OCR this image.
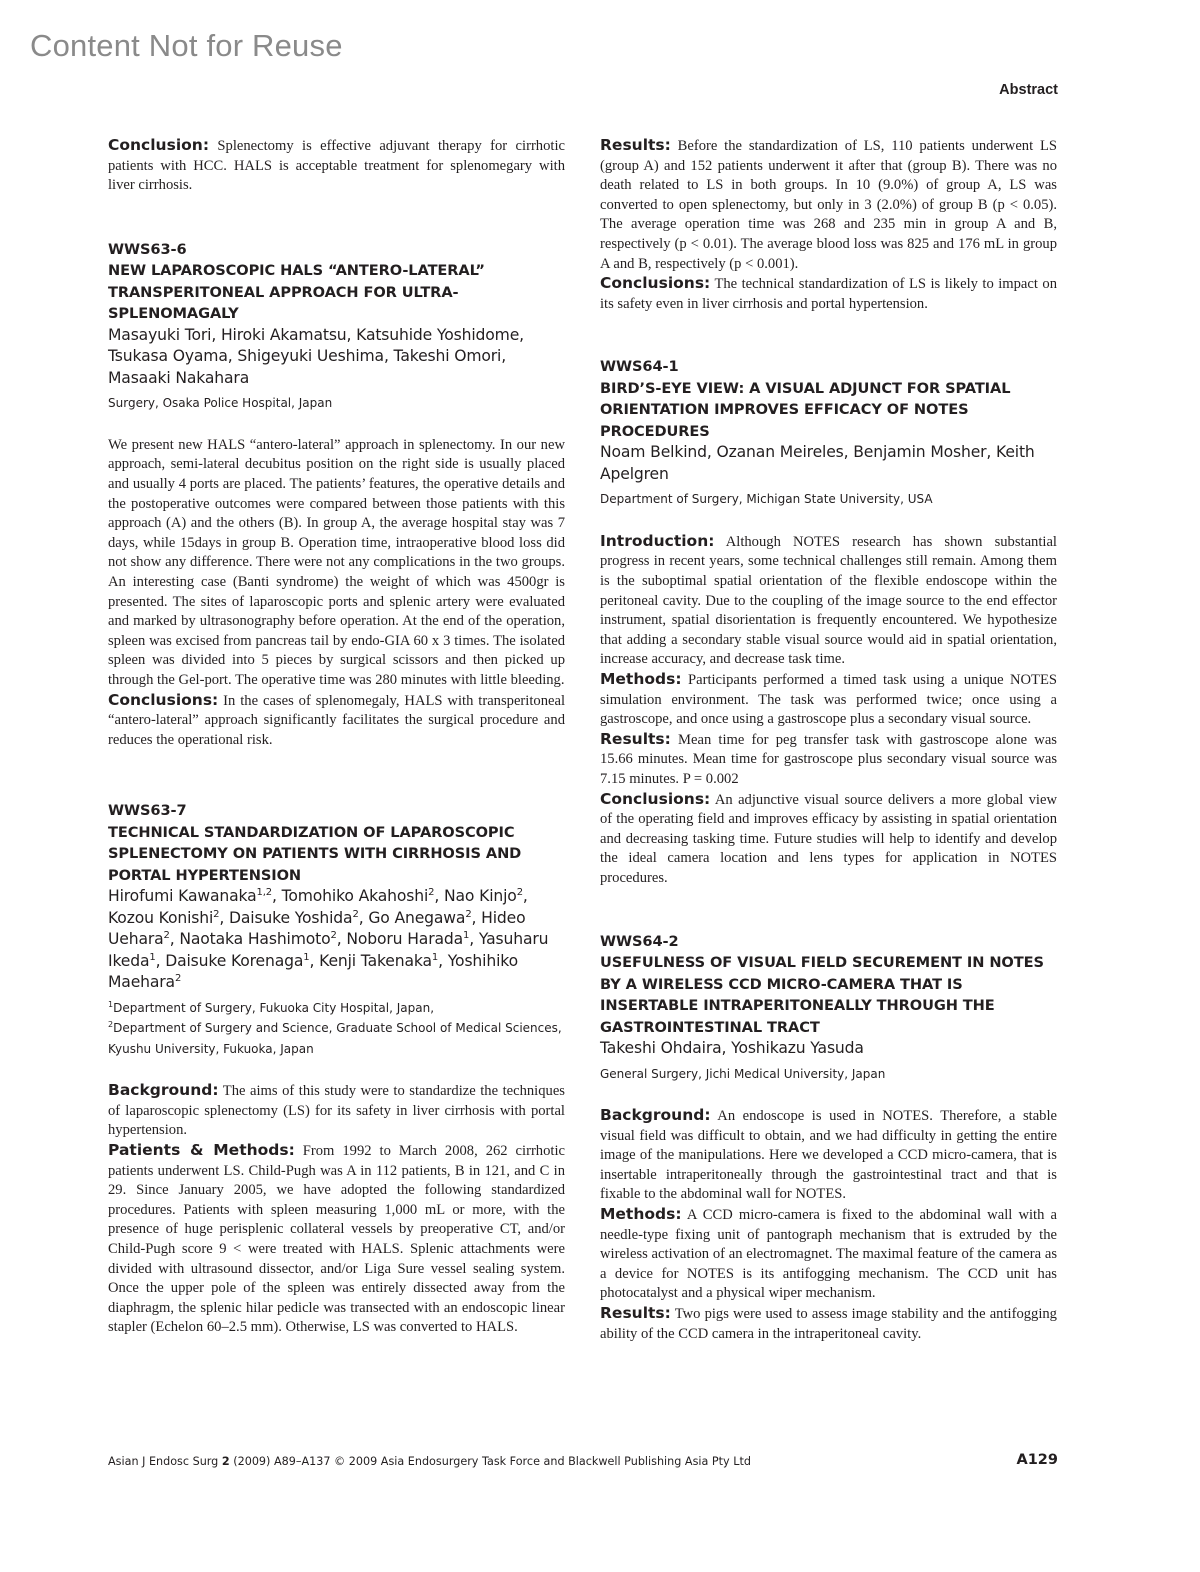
Content Not for Reuse
Abstract

Conclusion: Splenectomy is effective adjuvant therapy for cirrhotic patients with HCC. HALS is acceptable treatment for splenomegary with liver cirrhosis.

WWS63-6

NEW LAPAROSCOPIC HALS “ANTERO-LATERAL” TRANSPERITONEAL APPROACH FOR ULTRA-SPLENOMAGALY

Masayuki Tori, Hiroki Akamatsu, Katsuhide Yoshidome, Tsukasa Oyama, Shigeyuki Ueshima, Takeshi Omori, Masaaki Nakahara

Surgery, Osaka Police Hospital, Japan

We present new HALS “antero-lateral” approach in splenectomy. In our new approach, semi-lateral decubitus position on the right side is usually placed and usually 4 ports are placed. The patients’ features, the operative details and the postoperative outcomes were compared between those patients with this approach (A) and the others (B). In group A, the average hospital stay was 7 days, while 15days in group B. Operation time, intraoperative blood loss did not show any difference. There were not any complications in the two groups. An interesting case (Banti syndrome) the weight of which was 4500gr is presented. The sites of laparoscopic ports and splenic artery were evaluated and marked by ultrasonography before operation. At the end of the operation, spleen was excised from pancreas tail by endo-GIA 60 x 3 times. The isolated spleen was divided into 5 pieces by surgical scissors and then picked up through the Gel-port. The operative time was 280 minutes with little bleeding.

Conclusions: In the cases of splenomegaly, HALS with transperitoneal “antero-lateral” approach significantly facilitates the surgical procedure and reduces the operational risk.

WWS63-7

TECHNICAL STANDARDIZATION OF LAPAROSCOPIC SPLENECTOMY ON PATIENTS WITH CIRRHOSIS AND PORTAL HYPERTENSION

Hirofumi Kawanaka$^{1,2}$, Tomohiko Akahoshi$^2$, Nao Kinjo$^2$, Kozou Konishi$^2$, Daisuke Yoshida$^2$, Go Anegawa$^2$, Hideo Uehara$^2$, Naotaka Hashimoto$^2$, Noboru Harada$^1$, Yasuharu Ikeda$^1$, Daisuke Korenaga$^1$, Kenji Takenaka$^1$, Yoshihiko Maehara$^2$

$^1$Department of Surgery, Fukuoka City Hospital, Japan,
$^2$Department of Surgery and Science, Graduate School of Medical Sciences, Kyushu University, Fukuoka, Japan

Background: The aims of this study were to standardize the techniques of laparoscopic splenectomy (LS) for its safety in liver cirrhosis with portal hypertension.

Patients & Methods: From 1992 to March 2008, 262 cirrhotic patients underwent LS. Child-Pugh was A in 112 patients, B in 121, and C in 29. Since January 2005, we have adopted the following standardized procedures. Patients with spleen measuring 1,000 mL or more, with the presence of huge perisplenic collateral vessels by preoperative CT, and/or Child-Pugh score 9 < were treated with HALS. Splenic attachments were divided with ultrasound dissector, and/or Liga Sure vessel sealing system. Once the upper pole of the spleen was entirely dissected away from the diaphragm, the splenic hilar pedicle was transected with an endoscopic linear stapler (Echelon 60–2.5 mm). Otherwise, LS was converted to HALS.

Results: Before the standardization of LS, 110 patients underwent LS (group A) and 152 patients underwent it after that (group B). There was no death related to LS in both groups. In 10 (9.0%) of group A, LS was converted to open splenectomy, but only in 3 (2.0%) of group B (p < 0.05). The average operation time was 268 and 235 min in group A and B, respectively (p < 0.01). The average blood loss was 825 and 176 mL in group A and B, respectively (p < 0.001).

Conclusions: The technical standardization of LS is likely to impact on its safety even in liver cirrhosis and portal hypertension.

WWS64-1

BIRD’S-EYE VIEW: A VISUAL ADJUNCT FOR SPATIAL ORIENTATION IMPROVES EFFICACY OF NOTES PROCEDURES

Noam Belkind, Ozanan Meireles, Benjamin Mosher, Keith Apelgren

Department of Surgery, Michigan State University, USA

Introduction: Although NOTES research has shown substantial progress in recent years, some technical challenges still remain. Among them is the suboptimal spatial orientation of the flexible endoscope within the peritoneal cavity. Due to the coupling of the image source to the end effector instrument, spatial disorientation is frequently encountered. We hypothesize that adding a secondary stable visual source would aid in spatial orientation, increase accuracy, and decrease task time.

Methods: Participants performed a timed task using a unique NOTES simulation environment. The task was performed twice; once using a gastroscope, and once using a gastroscope plus a secondary visual source.

Results: Mean time for peg transfer task with gastroscope alone was 15.66 minutes. Mean time for gastroscope plus secondary visual source was 7.15 minutes. P = 0.002

Conclusions: An adjunctive visual source delivers a more global view of the operating field and improves efficacy by assisting in spatial orientation and decreasing tasking time. Future studies will help to identify and develop the ideal camera location and lens types for application in NOTES procedures.

WWS64-2

USEFULNESS OF VISUAL FIELD SECUREMENT IN NOTES BY A WIRELESS CCD MICRO-CAMERA THAT IS INSERTABLE INTRAPERITONEALLY THROUGH THE GASTROINTESTINAL TRACT

Takeshi Ohdaira, Yoshikazu Yasuda

General Surgery, Jichi Medical University, Japan

Background: An endoscope is used in NOTES. Therefore, a stable visual field was difficult to obtain, and we had difficulty in getting the entire image of the manipulations. Here we developed a CCD micro-camera, that is insertable intraperitoneally through the gastrointestinal tract and that is fixable to the abdominal wall for NOTES.

Methods: A CCD micro-camera is fixed to the abdominal wall with a needle-type fixing unit of pantograph mechanism that is extruded by the wireless activation of an electromagnet. The maximal feature of the camera as a device for NOTES is its antifogging mechanism. The CCD unit has photocatalyst and a physical wiper mechanism.

Results: Two pigs were used to assess image stability and the antifogging ability of the CCD camera in the intraperitoneal cavity.

Asian J Endosc Surg 2 (2009) A89–A137 © 2009 Asia Endosurgery Task Force and Blackwell Publishing Asia Pty Ltd	A129
